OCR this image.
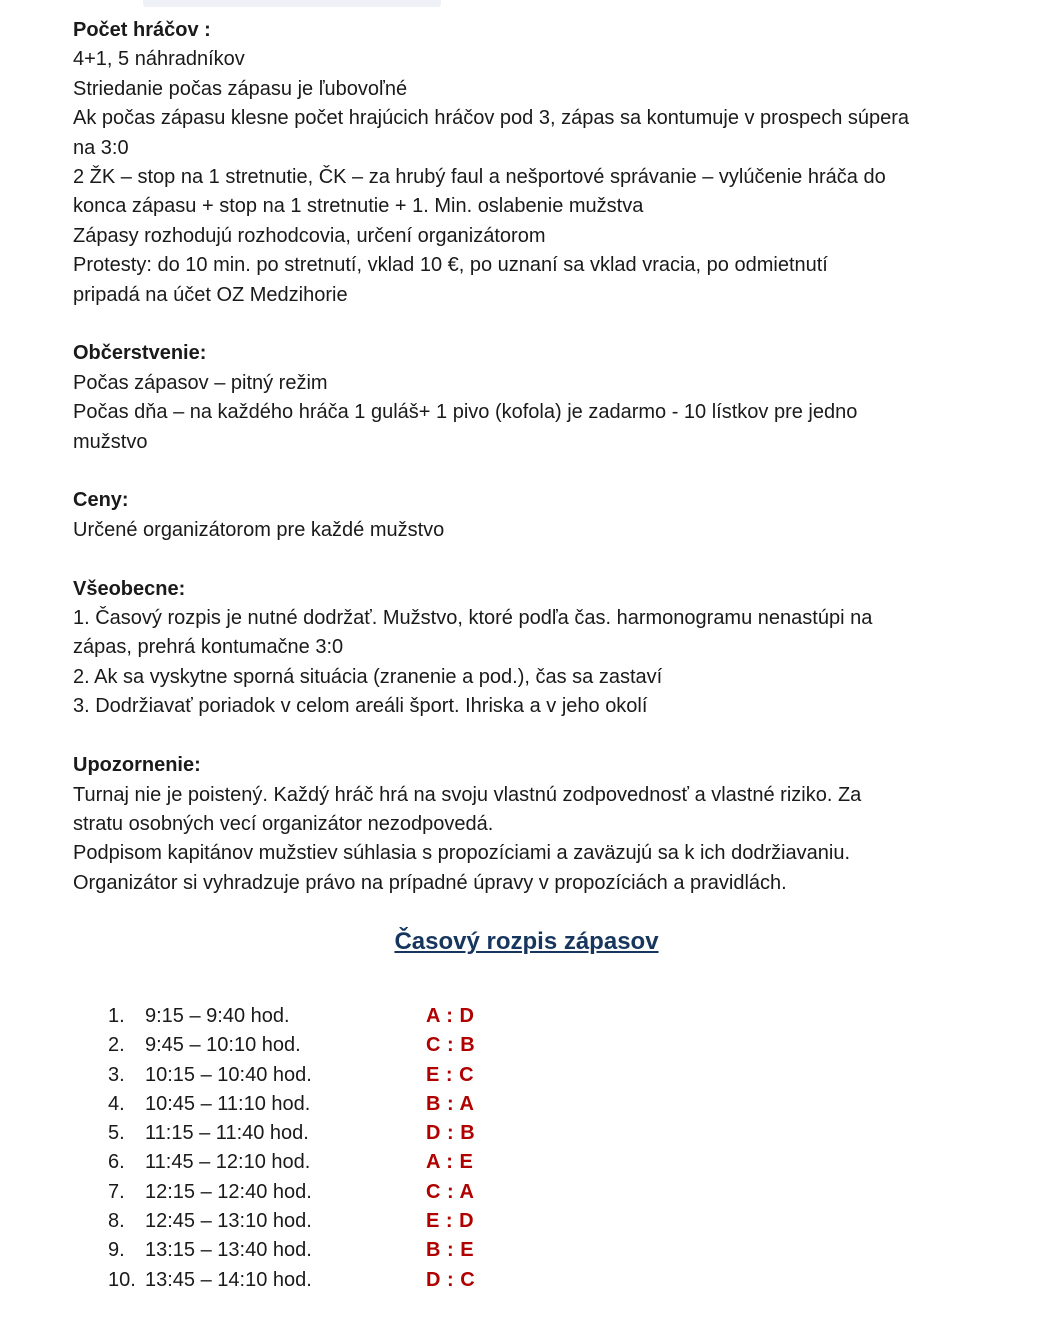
Počet hráčov :
4+1, 5 náhradníkov
Striedanie počas zápasu je ľubovoľné
Ak počas zápasu klesne počet hrajúcich hráčov pod 3, zápas sa kontumuje v prospech súpera
na 3:0
2 ŽK – stop na 1 stretnutie, ČK – za hrubý faul a nešportové správanie – vylúčenie hráča do
konca zápasu + stop na 1 stretnutie + 1. Min. oslabenie mužstva
Zápasy rozhodujú rozhodcovia, určení organizátorom
Protesty: do 10 min. po stretnutí, vklad 10 €, po uznaní sa vklad vracia, po odmietnutí
pripadá na účet OZ Medzihorie
Občerstvenie:
Počas zápasov – pitný režim
Počas dňa – na každého hráča 1 guláš+ 1 pivo (kofola) je zadarmo - 10 lístkov pre jedno
mužstvo
Ceny:
Určené organizátorom pre každé mužstvo
Všeobecne:
1. Časový rozpis je nutné dodržať. Mužstvo, ktoré podľa čas. harmonogramu nenastúpi na
zápas, prehrá kontumačne 3:0
2. Ak sa vyskytne sporná situácia (zranenie a pod.), čas sa zastaví
3. Dodržiavať poriadok v celom areáli šport. Ihriska a v jeho okolí
Upozornenie:
Turnaj nie je poistený. Každý hráč hrá na svoju vlastnú zodpovednosť a vlastné riziko. Za
stratu osobných vecí organizátor nezodpovedá.
Podpisom kapitánov mužstiev súhlasia s propozíciami a zaväzujú sa k ich dodržiavaniu.
Organizátor si vyhradzuje právo na prípadné úpravy v propozíciách a pravidlách.
Časový rozpis zápasov
1. 9:15 – 9:40 hod.	A : D
2. 9:45 – 10:10 hod.	C : B
3. 10:15 – 10:40 hod.	E : C
4. 10:45 – 11:10 hod.	B : A
5. 11:15 – 11:40 hod.	D : B
6. 11:45 – 12:10 hod.	A : E
7. 12:15 – 12:40 hod.	C : A
8. 12:45 – 13:10 hod.	E : D
9. 13:15 – 13:40 hod.	B : E
10. 13:45 – 14:10 hod.	D : C
